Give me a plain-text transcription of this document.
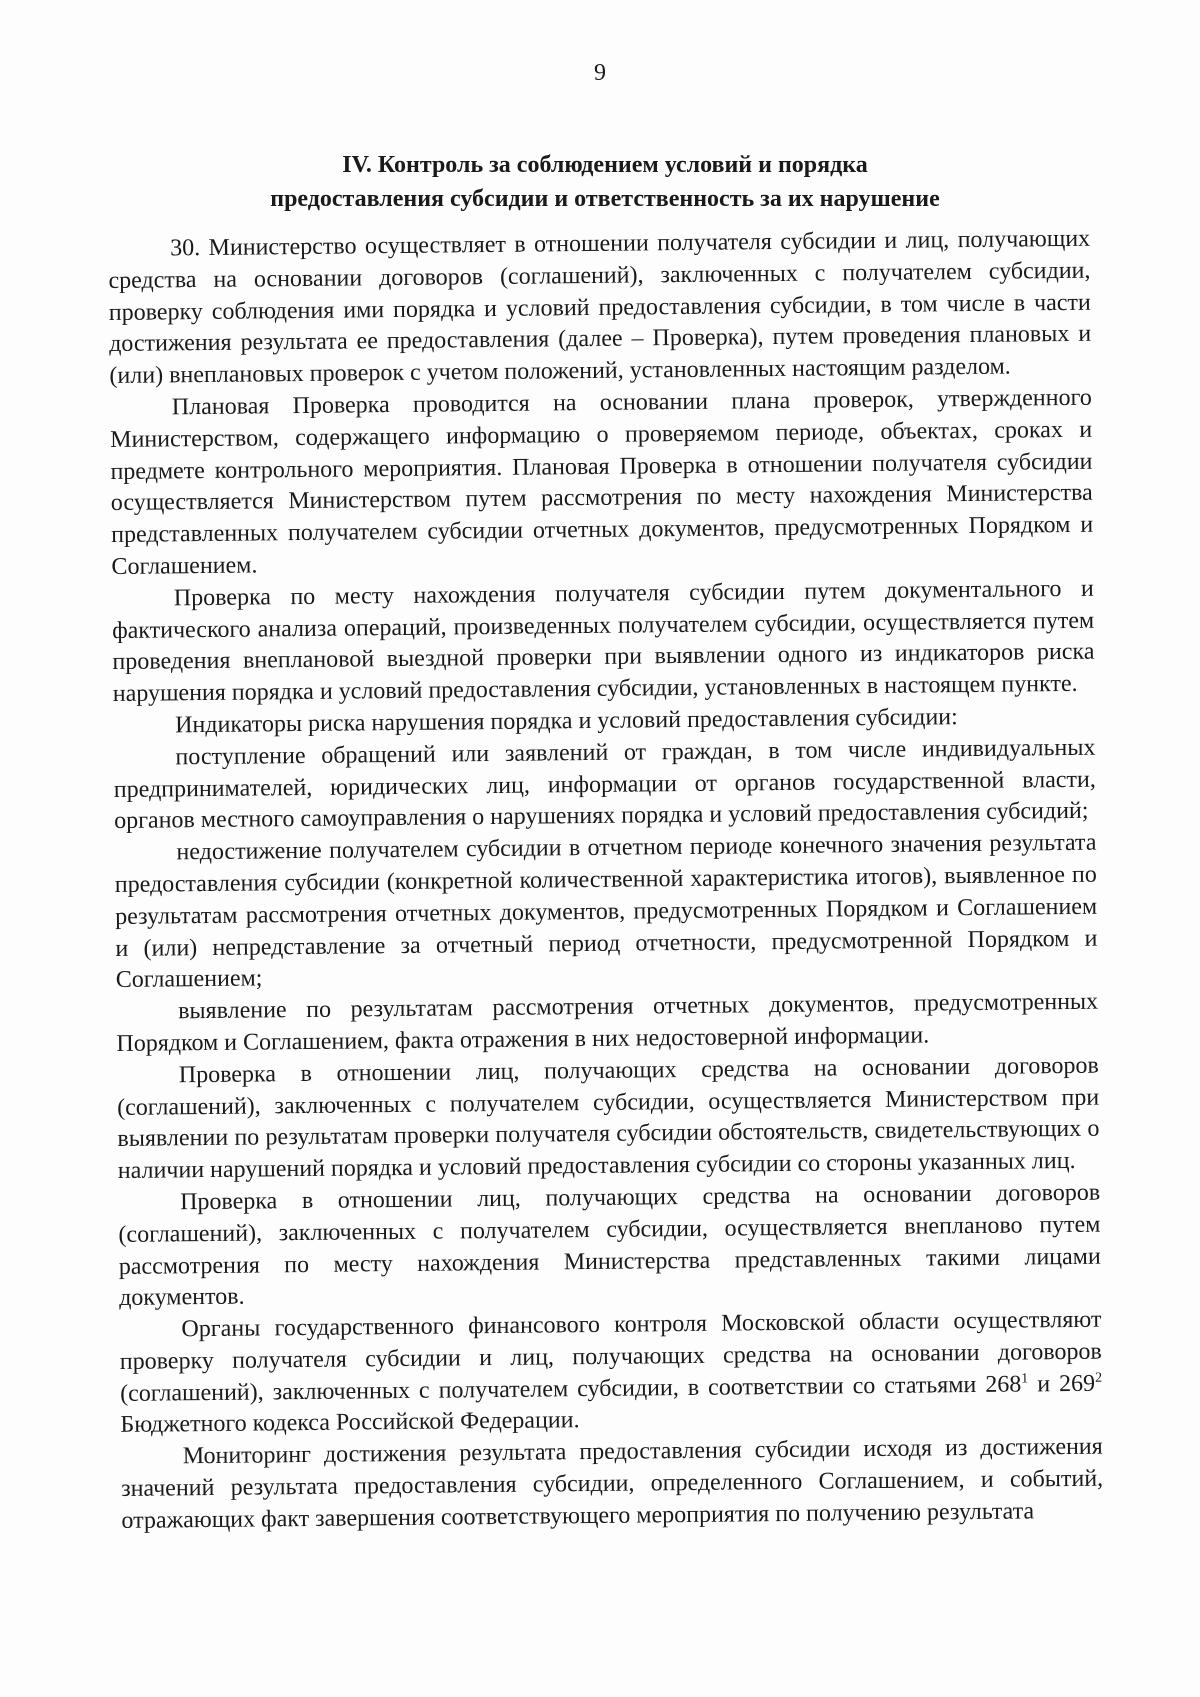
9
IV. Контроль за соблюдением условий и порядка
предоставления субсидии и ответственность за их нарушение

30. Министерство осуществляет в отношении получателя субсидии и лиц, получающих средства на основании договоров (соглашений), заключенных с получателем субсидии, проверку соблюдения ими порядка и условий предоставления субсидии, в том числе в части достижения результата ее предоставления (далее – Проверка), путем проведения плановых и (или) внеплановых проверок с учетом положений, установленных настоящим разделом.

Плановая Проверка проводится на основании плана проверок, утвержденного Министерством, содержащего информацию о проверяемом периоде, объектах, сроках и предмете контрольного мероприятия. Плановая Проверка в отношении получателя субсидии осуществляется Министерством путем рассмотрения по месту нахождения Министерства представленных получателем субсидии отчетных документов, предусмотренных Порядком и Соглашением.

Проверка по месту нахождения получателя субсидии путем документального и фактического анализа операций, произведенных получателем субсидии, осуществляется путем проведения внеплановой выездной проверки при выявлении одного из индикаторов риска нарушения порядка и условий предоставления субсидии, установленных в настоящем пункте.

Индикаторы риска нарушения порядка и условий предоставления субсидии:

поступление обращений или заявлений от граждан, в том числе индивидуальных предпринимателей, юридических лиц, информации от органов государственной власти, органов местного самоуправления о нарушениях порядка и условий предоставления субсидий;

недостижение получателем субсидии в отчетном периоде конечного значения результата предоставления субсидии (конкретной количественной характеристика итогов), выявленное по результатам рассмотрения отчетных документов, предусмотренных Порядком и Соглашением и (или) непредставление за отчетный период отчетности, предусмотренной Порядком и Соглашением;

выявление по результатам рассмотрения отчетных документов, предусмотренных Порядком и Соглашением, факта отражения в них недостоверной информации.

Проверка в отношении лиц, получающих средства на основании договоров (соглашений), заключенных с получателем субсидии, осуществляется Министерством при выявлении по результатам проверки получателя субсидии обстоятельств, свидетельствующих о наличии нарушений порядка и условий предоставления субсидии со стороны указанных лиц.

Проверка в отношении лиц, получающих средства на основании договоров (соглашений), заключенных с получателем субсидии, осуществляется внепланово путем рассмотрения по месту нахождения Министерства представленных такими лицами документов.

Органы государственного финансового контроля Московской области осуществляют проверку получателя субсидии и лиц, получающих средства на основании договоров (соглашений), заключенных с получателем субсидии, в соответствии со статьями $268^1$ и $269^2$ Бюджетного кодекса Российской Федерации.

Мониторинг достижения результата предоставления субсидии исходя из достижения значений результата предоставления субсидии, определенного Соглашением, и событий, отражающих факт завершения соответствующего мероприятия по получению результата
